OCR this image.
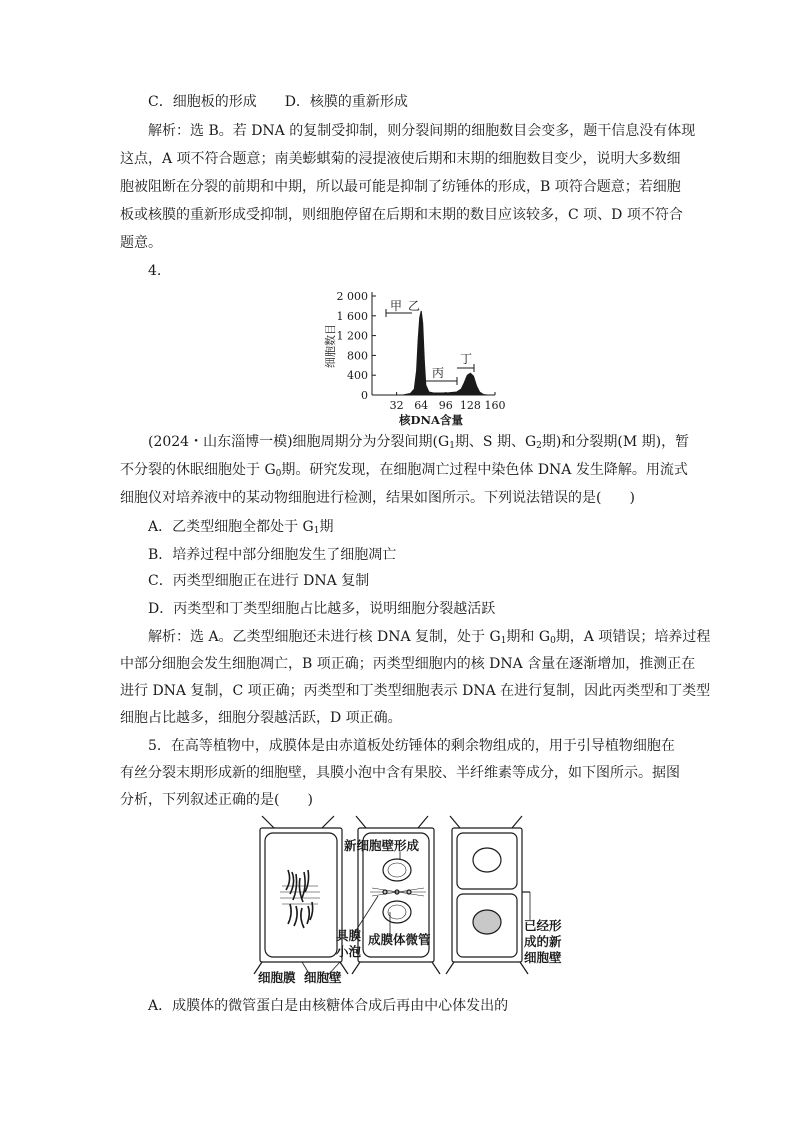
C．细胞板的形成　　D．核膜的重新形成
解析：选 B。若 DNA 的复制受抑制，则分裂间期的细胞数目会变多，题干信息没有体现
这点，A 项不符合题意；南美蟛蜞菊的浸提液使后期和末期的细胞数目变少，说明大多数细
胞被阻断在分裂的前期和中期，所以最可能是抑制了纺锤体的形成，B 项符合题意；若细胞
板或核膜的重新形成受抑制，则细胞停留在后期和末期的数目应该较多，C 项、D 项不符合
题意。
4.
细胞数目
2 000
1 600
1 200
800
400
0
32 64 96 128 160
甲 乙
丙
丁
核DNA含量
(2024・山东淄博一模)细胞周期分为分裂间期($G_1$期、S 期、$G_2$期)和分裂期(M 期)，暂
不分裂的休眠细胞处于 $G_0$期。研究发现，在细胞凋亡过程中染色体 DNA 发生降解。用流式
细胞仪对培养液中的某动物细胞进行检测，结果如图所示。下列说法错误的是(　　)
A．乙类型细胞全都处于 $G_1$期
B．培养过程中部分细胞发生了细胞凋亡
C．丙类型细胞正在进行 DNA 复制
D．丙类型和丁类型细胞占比越多，说明细胞分裂越活跃
解析：选 A。乙类型细胞还未进行核 DNA 复制，处于 $G_1$期和 $G_0$期，A 项错误；培养过程
中部分细胞会发生细胞凋亡，B 项正确；丙类型细胞内的核 DNA 含量在逐渐增加，推测正在
进行 DNA 复制，C 项正确；丙类型和丁类型细胞表示 DNA 在进行复制，因此丙类型和丁类型
细胞占比越多，细胞分裂越活跃，D 项正确。
5．在高等植物中，成膜体是由赤道板处纺锤体的剩余物组成的，用于引导植物细胞在
有丝分裂末期形成新的细胞壁，具膜小泡中含有果胶、半纤维素等成分，如下图所示。据图
分析，下列叙述正确的是(　　)
新细胞壁形成
具膜
小泡
成膜体微管
细胞膜 细胞壁
已经形
成的新
细胞壁
A．成膜体的微管蛋白是由核糖体合成后再由中心体发出的
